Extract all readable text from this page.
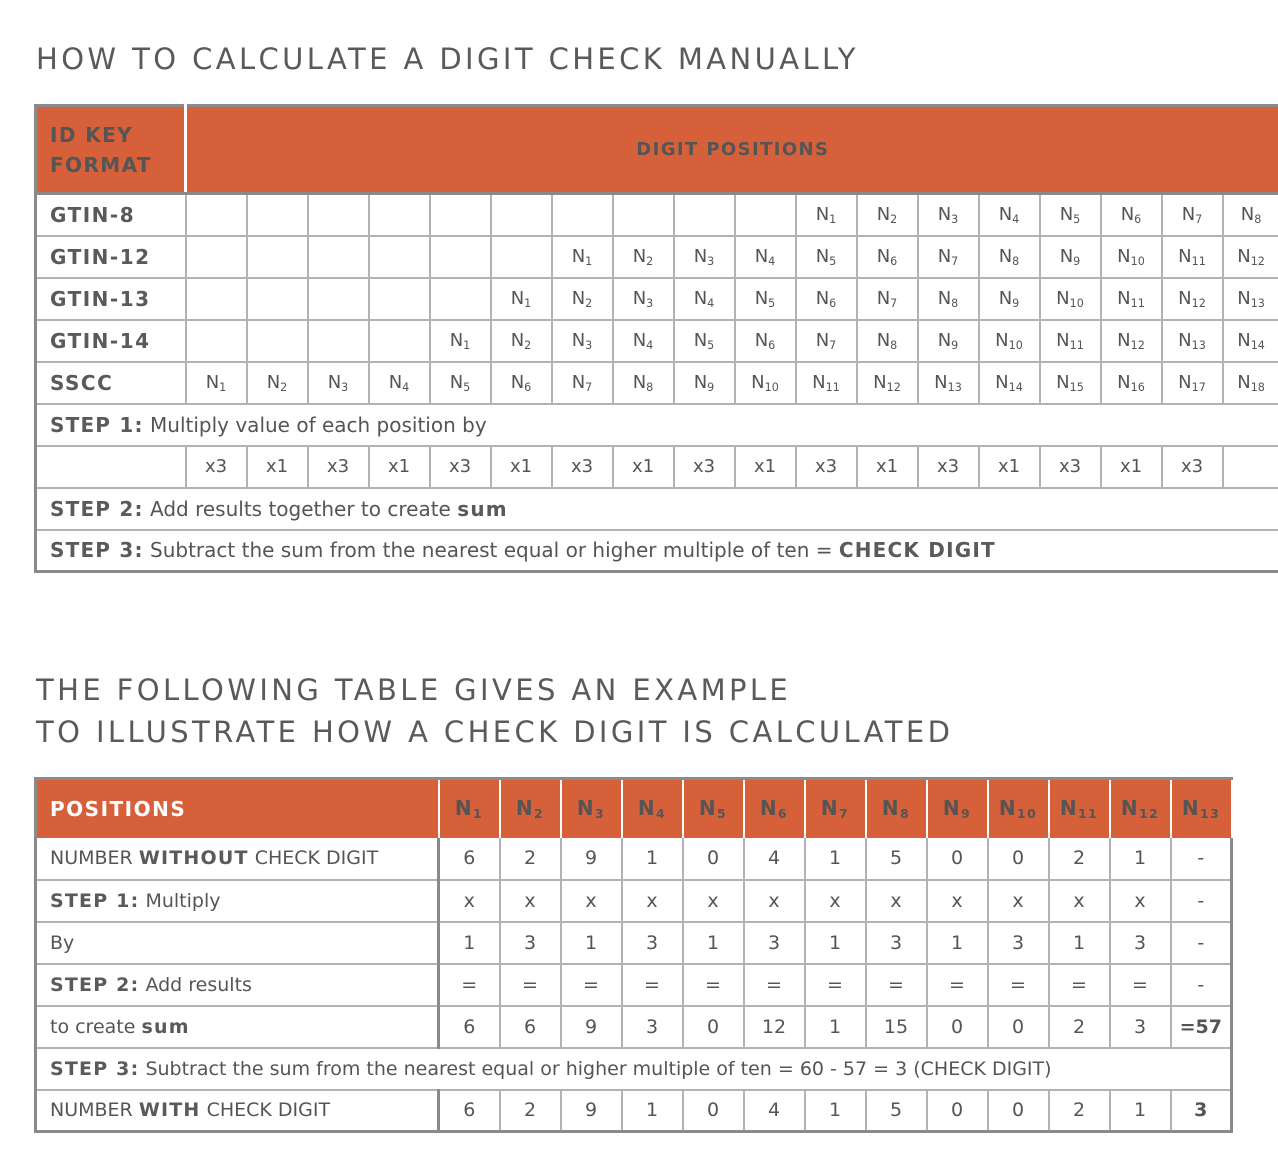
HOW TO CALCULATE A DIGIT CHECK MANUALLY
ID KEY
FORMAT	DIGIT POSITIONS																	
GTIN-8											$N_1$	$N_2$	$N_3$	$N_4$	$N_5$	$N_6$	$N_7$	$N_8$
GTIN-12							$N_1$	$N_2$	$N_3$	$N_4$	$N_5$	$N_6$	$N_7$	$N_8$	$N_9$	$N_{10}$	$N_{11}$	$N_{12}$
GTIN-13						$N_1$	$N_2$	$N_3$	$N_4$	$N_5$	$N_6$	$N_7$	$N_8$	$N_9$	$N_{10}$	$N_{11}$	$N_{12}$	$N_{13}$
GTIN-14					$N_1$	$N_2$	$N_3$	$N_4$	$N_5$	$N_6$	$N_7$	$N_8$	$N_9$	$N_{10}$	$N_{11}$	$N_{12}$	$N_{13}$	$N_{14}$
SSCC	$N_1$	$N_2$	$N_3$	$N_4$	$N_5$	$N_6$	$N_7$	$N_8$	$N_9$	$N_{10}$	$N_{11}$	$N_{12}$	$N_{13}$	$N_{14}$	$N_{15}$	$N_{16}$	$N_{17}$	$N_{18}$
STEP 1: Multiply value of each position by																		
	x3	x1	x3	x1	x3	x1	x3	x1	x3	x1	x3	x1	x3	x1	x3	x1	x3	
STEP 2: Add results together to create sum																		
STEP 3: Subtract the sum from the nearest equal or higher multiple of ten = CHECK DIGIT																		
THE FOLLOWING TABLE GIVES AN EXAMPLE
TO ILLUSTRATE HOW A CHECK DIGIT IS CALCULATED
POSITIONS	$N_1$	$N_2$	$N_3$	$N_4$	$N_5$	$N_6$	$N_7$	$N_8$	$N_9$	$N_{10}$	$N_{11}$	$N_{12}$	$N_{13}$
NUMBER WITHOUT CHECK DIGIT	6	2	9	1	0	4	1	5	0	0	2	1	-
STEP 1: Multiply	x	x	x	x	x	x	x	x	x	x	x	x	-
By	1	3	1	3	1	3	1	3	1	3	1	3	-
STEP 2: Add results	=	=	=	=	=	=	=	=	=	=	=	=	-
to create sum	6	6	9	3	0	12	1	15	0	0	2	3	=57
STEP 3: Subtract the sum from the nearest equal or higher multiple of ten = 60 - 57 = 3 (CHECK DIGIT)													
NUMBER WITH CHECK DIGIT	6	2	9	1	0	4	1	5	0	0	2	1	3
